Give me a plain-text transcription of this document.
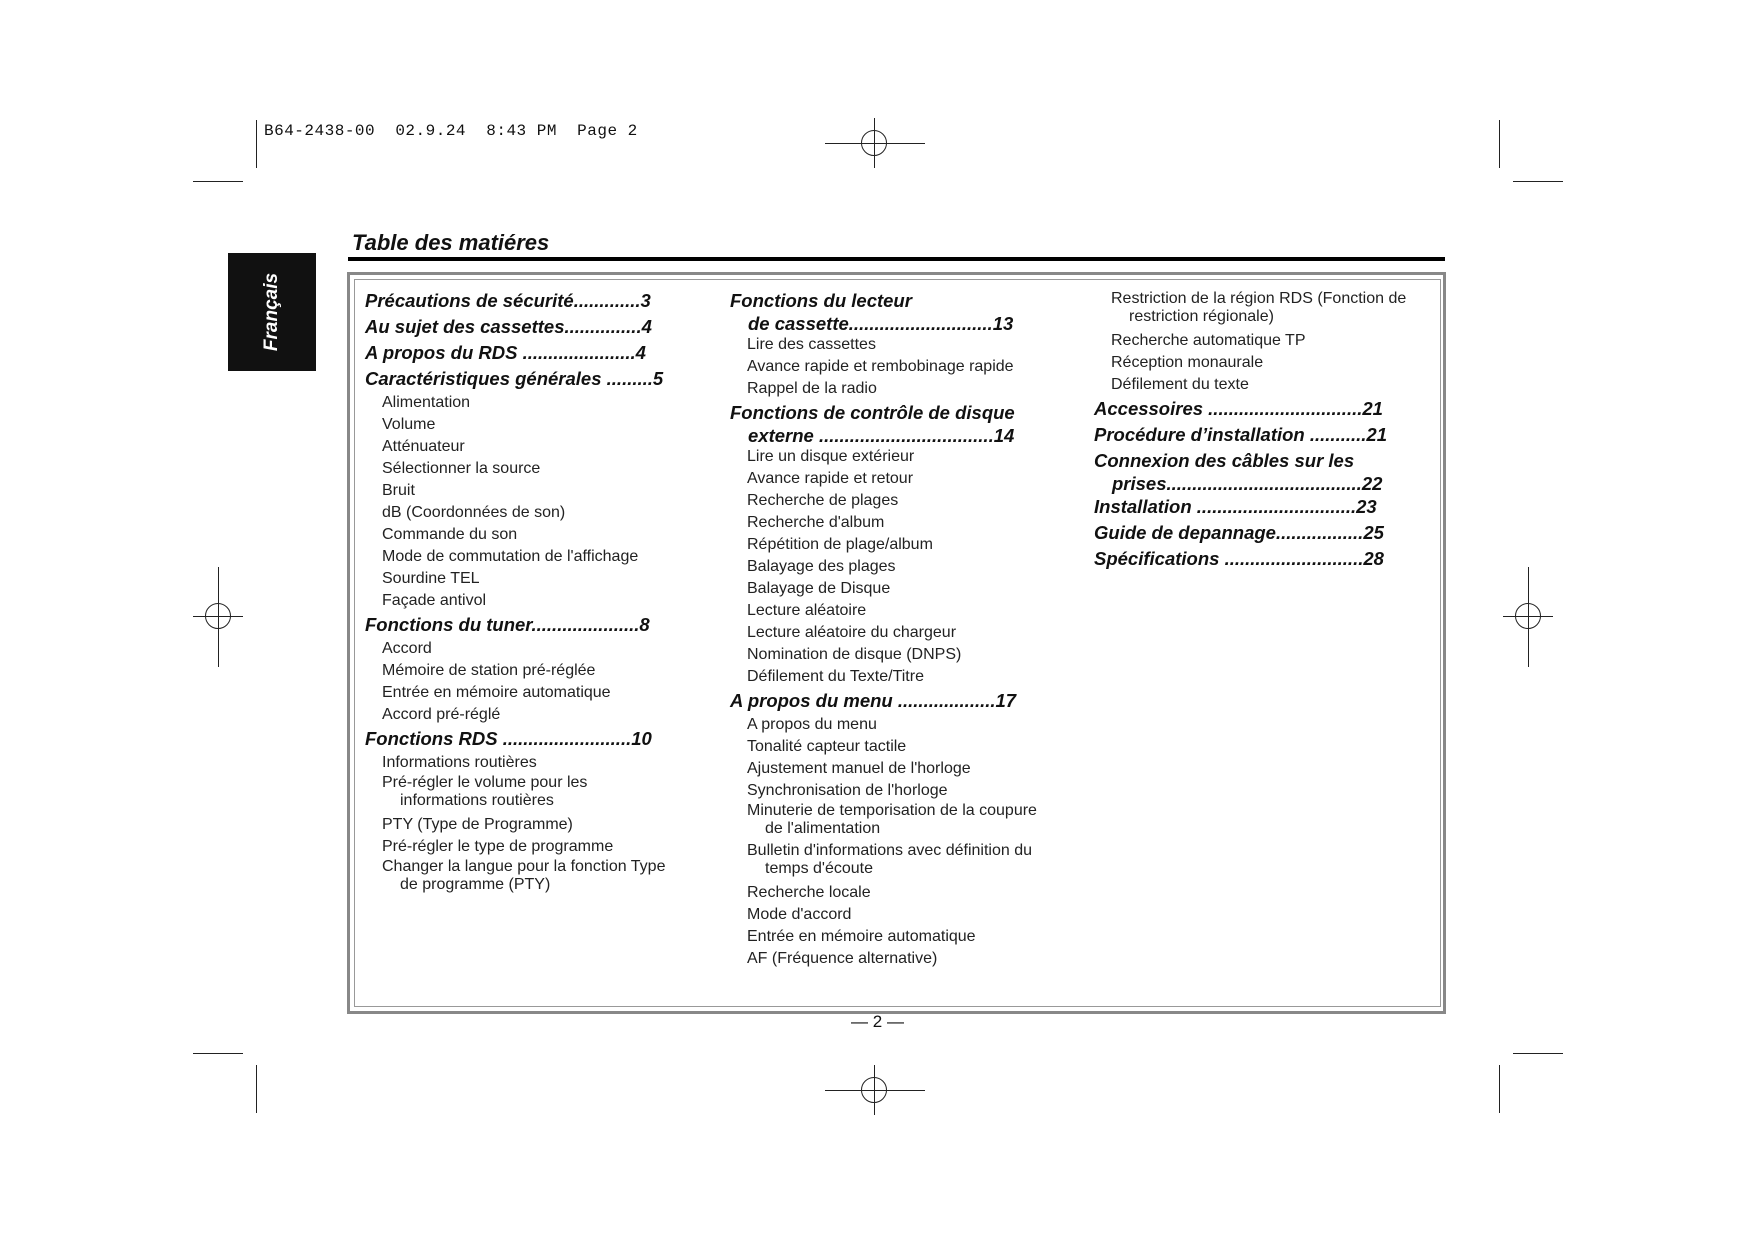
B64-2438-00  02.9.24  8:43 PM  Page 2
Français
Table des matiéres
Précautions de sécurité.............3
Au sujet des cassettes...............4
A propos du RDS ......................4
Caractéristiques générales .........5
Alimentation
Volume
Atténuateur
Sélectionner la source
Bruit
dB (Coordonnées de son)
Commande du son
Mode de commutation de l'affichage
Sourdine TEL
Façade antivol
Fonctions du tuner.....................8
Accord
Mémoire de station pré-réglée
Entrée en mémoire automatique
Accord pré-réglé
Fonctions RDS .........................10
Informations routières
Pré-régler le volume pour les
informations routières
PTY (Type de Programme)
Pré-régler le type de programme
Changer la langue pour la fonction Type
de programme (PTY)
Fonctions du lecteur
de cassette............................13
Lire des cassettes
Avance rapide et rembobinage rapide
Rappel de la radio
Fonctions de contrôle de disque
externe ..................................14
Lire un disque extérieur
Avance rapide et retour
Recherche de plages
Recherche d'album
Répétition de plage/album
Balayage des plages
Balayage de Disque
Lecture aléatoire
Lecture aléatoire du chargeur
Nomination de disque (DNPS)
Défilement du Texte/Titre
A propos du menu ...................17
A propos du menu
Tonalité capteur tactile
Ajustement manuel de l'horloge
Synchronisation de l'horloge
Minuterie de temporisation de la coupure
de l'alimentation
Bulletin d'informations avec définition du
temps d'écoute
Recherche locale
Mode d'accord
Entrée en mémoire automatique
AF (Fréquence alternative)
Restriction de la région RDS (Fonction de
restriction régionale)
Recherche automatique TP
Réception monaurale
Défilement du texte
Accessoires ..............................21
Procédure d’installation ...........21
Connexion des câbles sur les
prises......................................22
Installation ...............................23
Guide de depannage.................25
Spécifications ...........................28
— 2 —
